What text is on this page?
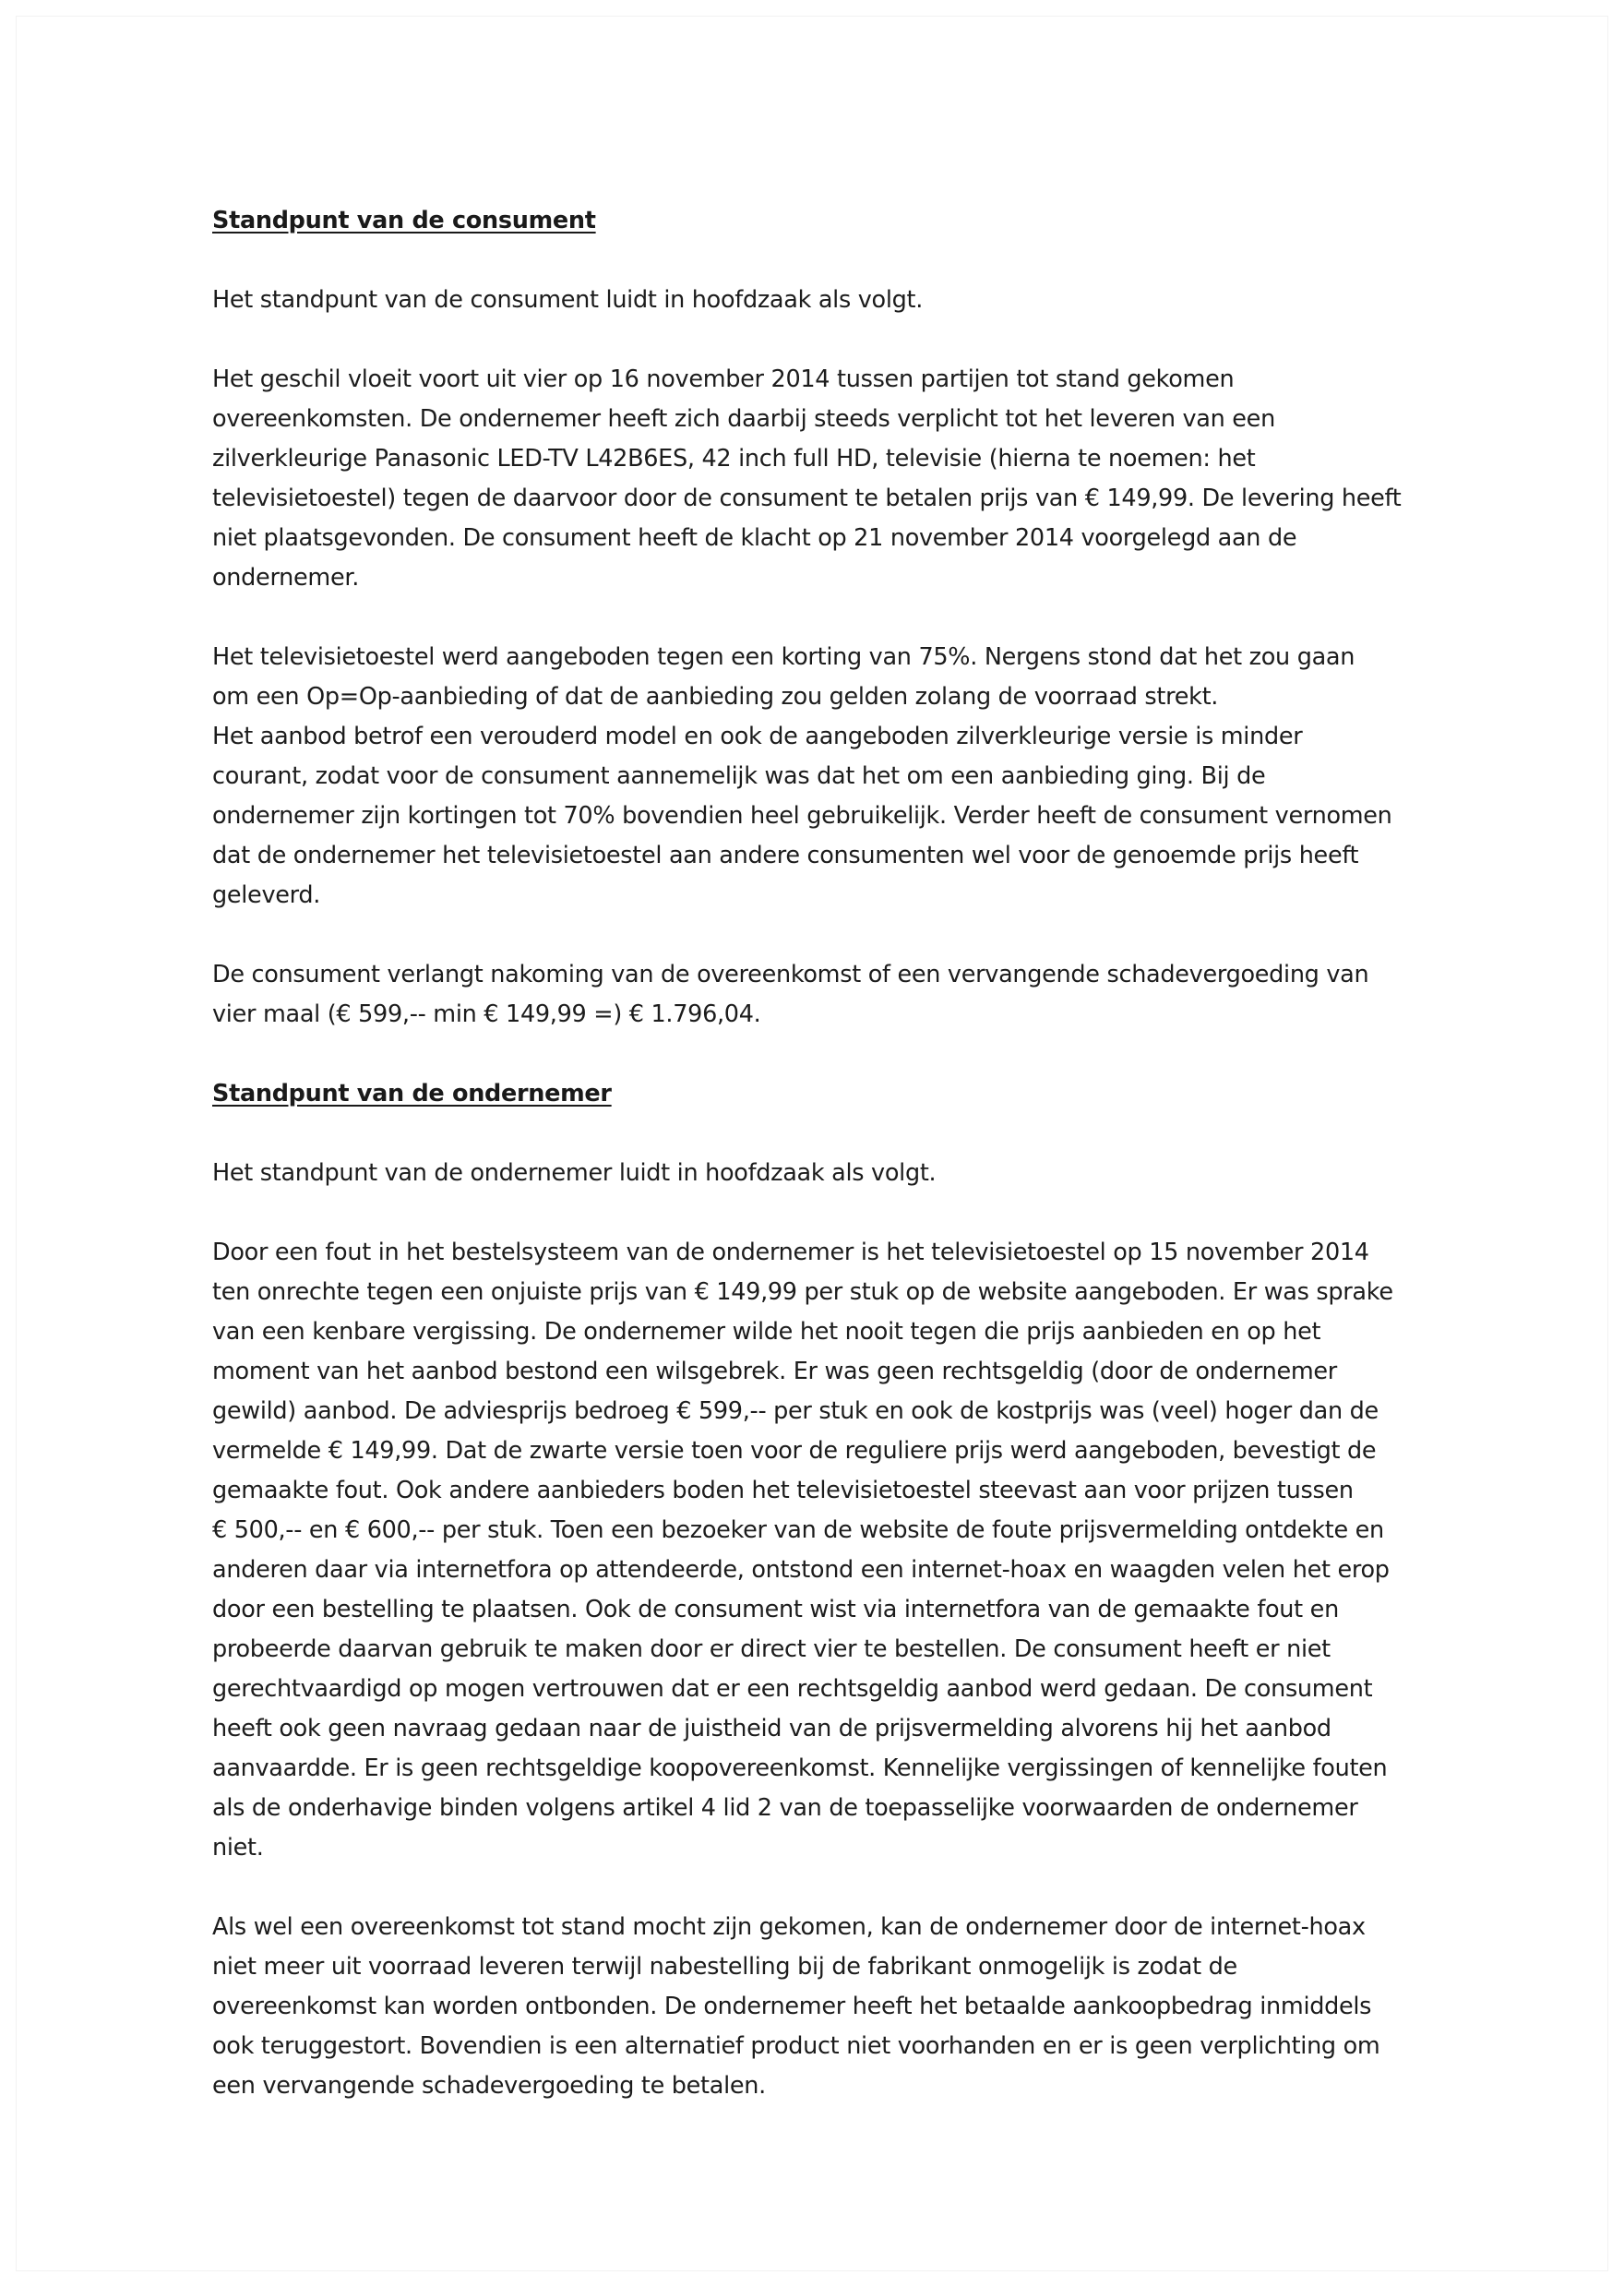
Standpunt van de consument

Het standpunt van de consument luidt in hoofdzaak als volgt.

Het geschil vloeit voort uit vier op 16 november 2014 tussen partijen tot stand gekomen
overeenkomsten. De ondernemer heeft zich daarbij steeds verplicht tot het leveren van een
zilverkleurige Panasonic LED-TV L42B6ES, 42 inch full HD, televisie (hierna te noemen: het
televisietoestel) tegen de daarvoor door de consument te betalen prijs van € 149,99. De levering heeft
niet plaatsgevonden. De consument heeft de klacht op 21 november 2014 voorgelegd aan de
ondernemer.

Het televisietoestel werd aangeboden tegen een korting van 75%. Nergens stond dat het zou gaan
om een Op=Op-aanbieding of dat de aanbieding zou gelden zolang de voorraad strekt.
Het aanbod betrof een verouderd model en ook de aangeboden zilverkleurige versie is minder
courant, zodat voor de consument aannemelijk was dat het om een aanbieding ging. Bij de
ondernemer zijn kortingen tot 70% bovendien heel gebruikelijk. Verder heeft de consument vernomen
dat de ondernemer het televisietoestel aan andere consumenten wel voor de genoemde prijs heeft
geleverd.

De consument verlangt nakoming van de overeenkomst of een vervangende schadevergoeding van
vier maal (€ 599,-- min € 149,99 =) € 1.796,04.

Standpunt van de ondernemer

Het standpunt van de ondernemer luidt in hoofdzaak als volgt.

Door een fout in het bestelsysteem van de ondernemer is het televisietoestel op 15 november 2014
ten onrechte tegen een onjuiste prijs van € 149,99 per stuk op de website aangeboden. Er was sprake
van een kenbare vergissing. De ondernemer wilde het nooit tegen die prijs aanbieden en op het
moment van het aanbod bestond een wilsgebrek. Er was geen rechtsgeldig (door de ondernemer
gewild) aanbod. De adviesprijs bedroeg € 599,-- per stuk en ook de kostprijs was (veel) hoger dan de
vermelde € 149,99. Dat de zwarte versie toen voor de reguliere prijs werd aangeboden, bevestigt de
gemaakte fout. Ook andere aanbieders boden het televisietoestel steevast aan voor prijzen tussen
€ 500,-- en € 600,-- per stuk. Toen een bezoeker van de website de foute prijsvermelding ontdekte en
anderen daar via internetfora op attendeerde, ontstond een internet-hoax en waagden velen het erop
door een bestelling te plaatsen. Ook de consument wist via internetfora van de gemaakte fout en
probeerde daarvan gebruik te maken door er direct vier te bestellen. De consument heeft er niet
gerechtvaardigd op mogen vertrouwen dat er een rechtsgeldig aanbod werd gedaan. De consument
heeft ook geen navraag gedaan naar de juistheid van de prijsvermelding alvorens hij het aanbod
aanvaardde. Er is geen rechtsgeldige koopovereenkomst. Kennelijke vergissingen of kennelijke fouten
als de onderhavige binden volgens artikel 4 lid 2 van de toepasselijke voorwaarden de ondernemer
niet.

Als wel een overeenkomst tot stand mocht zijn gekomen, kan de ondernemer door de internet-hoax
niet meer uit voorraad leveren terwijl nabestelling bij de fabrikant onmogelijk is zodat de
overeenkomst kan worden ontbonden. De ondernemer heeft het betaalde aankoopbedrag inmiddels
ook teruggestort. Bovendien is een alternatief product niet voorhanden en er is geen verplichting om
een vervangende schadevergoeding te betalen.
